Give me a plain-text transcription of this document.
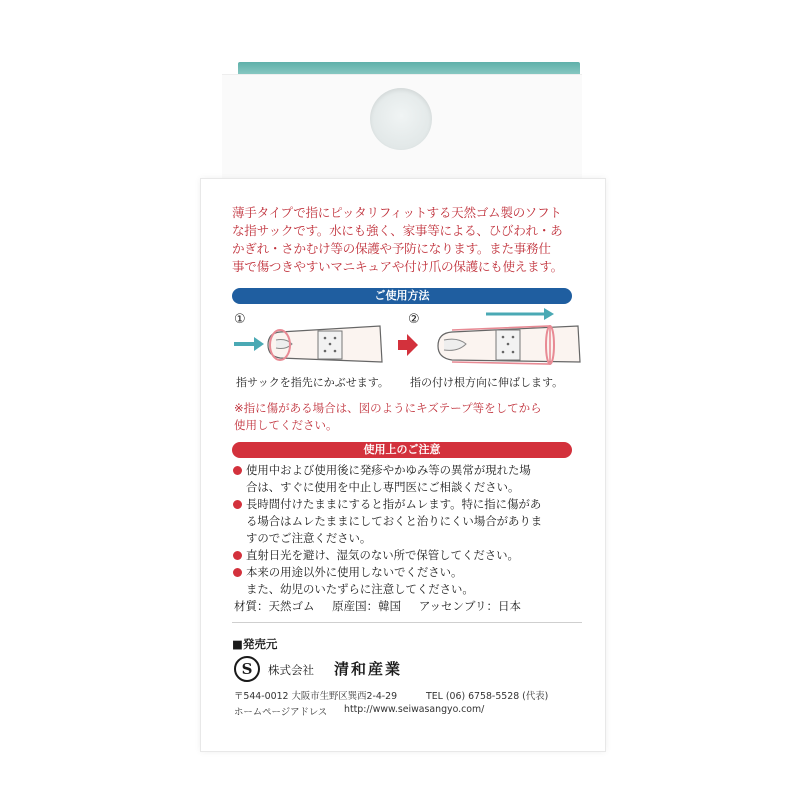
薄手タイプで指にピッタリフィットする天然ゴム製のソフト
な指サックです。水にも強く、家事等による、ひびわれ・あ
かぎれ・さかむけ等の保護や予防になります。また事務仕
事で傷つきやすいマニキュアや付け爪の保護にも使えます。
ご使用方法
①
指サックを指先にかぶせます。
②
指の付け根方向に伸ばします。
※指に傷がある場合は、図のようにキズテープ等をしてから
使用してください。
使用上のご注意
使用中および使用後に発疹やかゆみ等の異常が現れた場
合は、すぐに使用を中止し専門医にご相談ください。
長時間付けたままにすると指がムレます。特に指に傷があ
る場合はムレたままにしておくと治りにくい場合がありま
すのでご注意ください。
直射日光を避け、湿気のない所で保管してください。
本来の用途以外に使用しないでください。
また、幼児のいたずらに注意してください。
材質：天然ゴム 原産国：韓国 アッセンブリ：日本
■発売元
S	株式会社 清和産業
〒544-0012 大阪市生野区巽西2-4-29	TEL (06) 6758-5528 (代表)
ホームページアドレス http://www.seiwasangyo.com/
